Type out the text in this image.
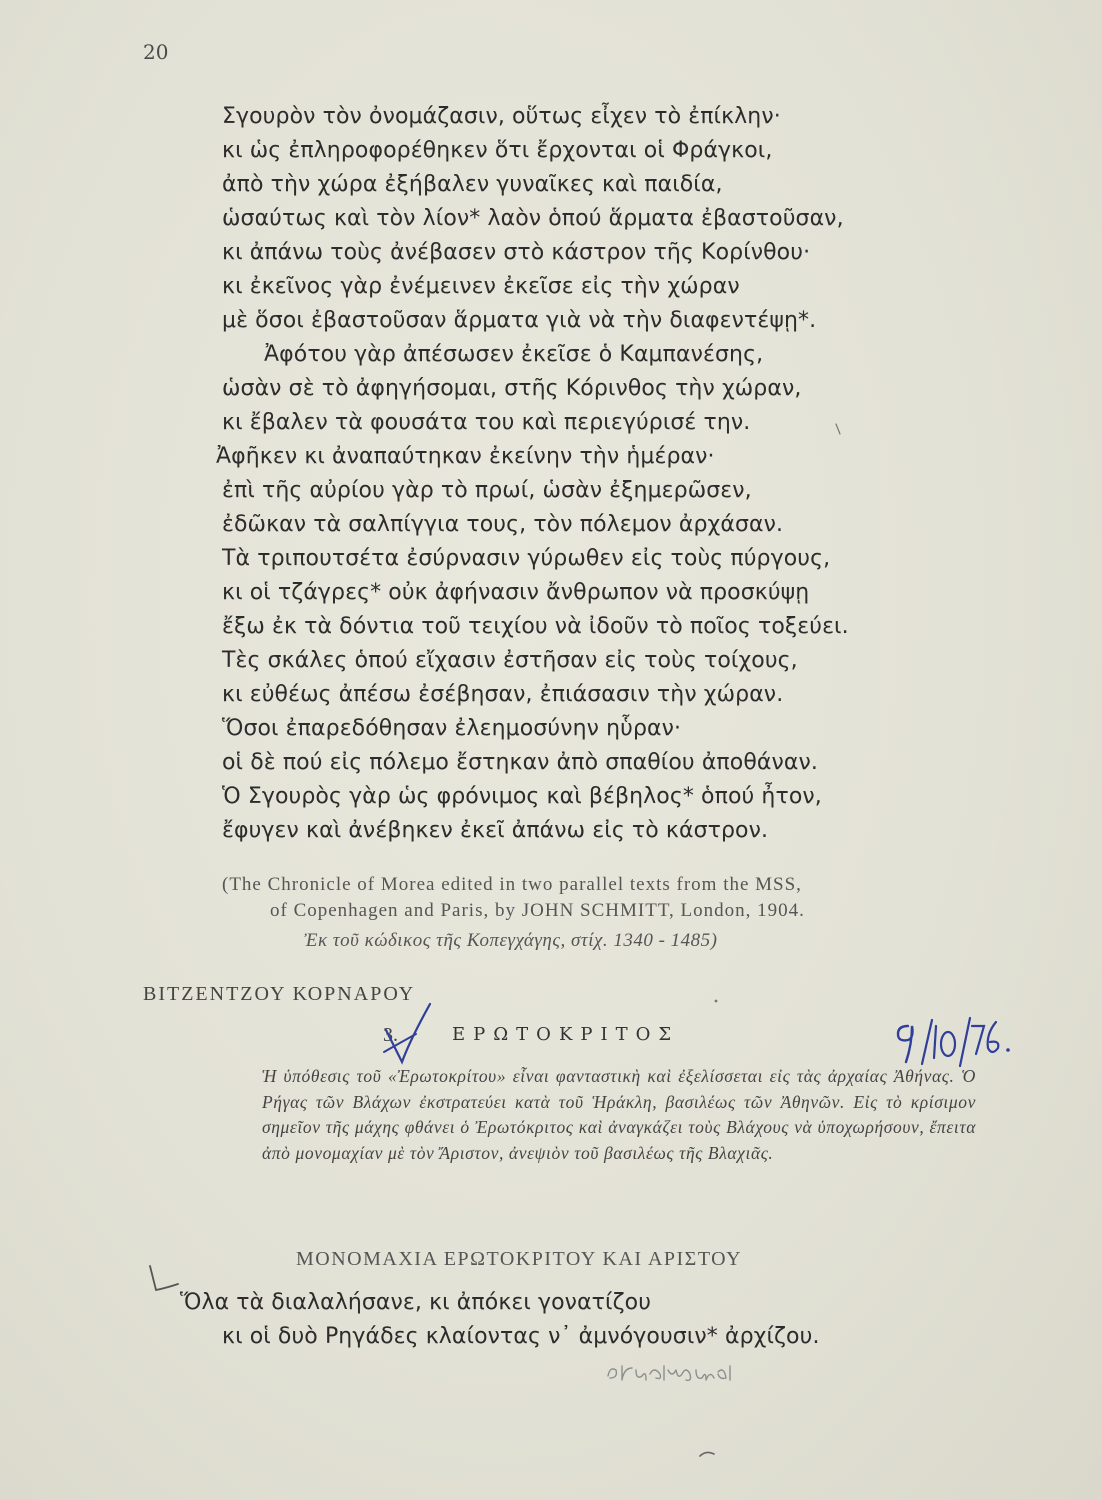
20
Σγουρὸν τὸν ὀνομάζασιν, οὕτως εἶχεν τὸ ἐπίκλην·
κι ὡς ἐπληροφορέθηκεν ὅτι ἔρχονται οἱ Φράγκοι,
ἀπὸ τὴν χώρα ἐξήβαλεν γυναῖκες καὶ παιδία,
ὡσαύτως καὶ τὸν λίον* λαὸν ὁπού ἅρματα ἐβαστοῦσαν,
κι ἀπάνω τοὺς ἀνέβασεν στὸ κάστρον τῆς Κορίνθου·
κι ἐκεῖνος γὰρ ἐνέμεινεν ἐκεῖσε εἰς τὴν χώραν
μὲ ὅσοι ἐβαστοῦσαν ἅρματα γιὰ νὰ τὴν διαφεντέψῃ*.
Ἀφότου γὰρ ἀπέσωσεν ἐκεῖσε ὁ Καμπανέσης,
ὡσὰν σὲ τὸ ἀφηγήσομαι, στῆς Κόρινθος τὴν χώραν,
κι ἔβαλεν τὰ φουσάτα του καὶ περιεγύρισέ την.
Ἀφῆκεν κι ἀναπαύτηκαν ἐκείνην τὴν ἡμέραν·
ἐπὶ τῆς αὐρίου γὰρ τὸ πρωί, ὡσὰν ἐξημερῶσεν,
ἐδῶκαν τὰ σαλπίγγια τους, τὸν πόλεμον ἀρχάσαν.
Τὰ τριπουτσέτα ἐσύρνασιν γύρωθεν εἰς τοὺς πύργους,
κι οἱ τζάγρες* οὐκ ἀφήνασιν ἄνθρωπον νὰ προσκύψῃ
ἔξω ἐκ τὰ δόντια τοῦ τειχίου νὰ ἰδοῦν τὸ ποῖος τοξεύει.
Τὲς σκάλες ὁπού εἴχασιν ἐστῆσαν εἰς τοὺς τοίχους,
κι εὐθέως ἀπέσω ἐσέβησαν, ἐπιάσασιν τὴν χώραν.
Ὅσοι ἐπαρεδόθησαν ἐλεημοσύνην ηὗραν·
οἱ δὲ πού εἰς πόλεμο ἔστηκαν ἀπὸ σπαθίου ἀποθάναν.
Ὁ Σγουρὸς γὰρ ὡς φρόνιμος καὶ βέβηλος* ὁπού ἦτον,
ἔφυγεν καὶ ἀνέβηκεν ἐκεῖ ἀπάνω εἰς τὸ κάστρον.
(The Chronicle of Morea edited in two parallel texts from the MSS,
of Copenhagen and Paris, by JOHN SCHMITT, London, 1904.
Ἐκ τοῦ κώδικος τῆς Κοπεγχάγης, στίχ. 1340 - 1485)
ΒΙΤΖΕΝΤΖΟΥ ΚΟΡΝΑΡΟΥ
3.	ΕΡΩΤΟΚΡΙΤΟΣ
Ἡ ὑπόθεσις τοῦ «Ἐρωτοκρίτου» εἶναι φανταστικὴ καὶ ἐξελίσσεται εἰς τὰς ἀρχαίας Ἀθήνας. Ὁ Ρήγας τῶν Βλάχων ἐκστρατεύει κατὰ τοῦ Ἡράκλη, βασιλέως τῶν Ἀθηνῶν. Εἰς τὸ κρίσιμον σημεῖον τῆς μάχης φθάνει ὁ Ἐρωτόκριτος καὶ ἀναγκάζει τοὺς Βλάχους νὰ ὑποχωρήσουν, ἔπειτα ἀπὸ μονομαχίαν μὲ τὸν Ἄριστον, ἀνεψιὸν τοῦ βασιλέως τῆς Βλαχιᾶς.
ΜΟΝΟΜΑΧΙΑ ΕΡΩΤΟΚΡΙΤΟΥ ΚΑΙ ΑΡΙΣΤΟΥ
Ὅλα τὰ διαλαλήσανε, κι ἀπόκει γονατίζου
κι οἱ δυὸ Ρηγάδες κλαίοντας ν᾽ ἀμνόγουσιν* ἀρχίζου.
